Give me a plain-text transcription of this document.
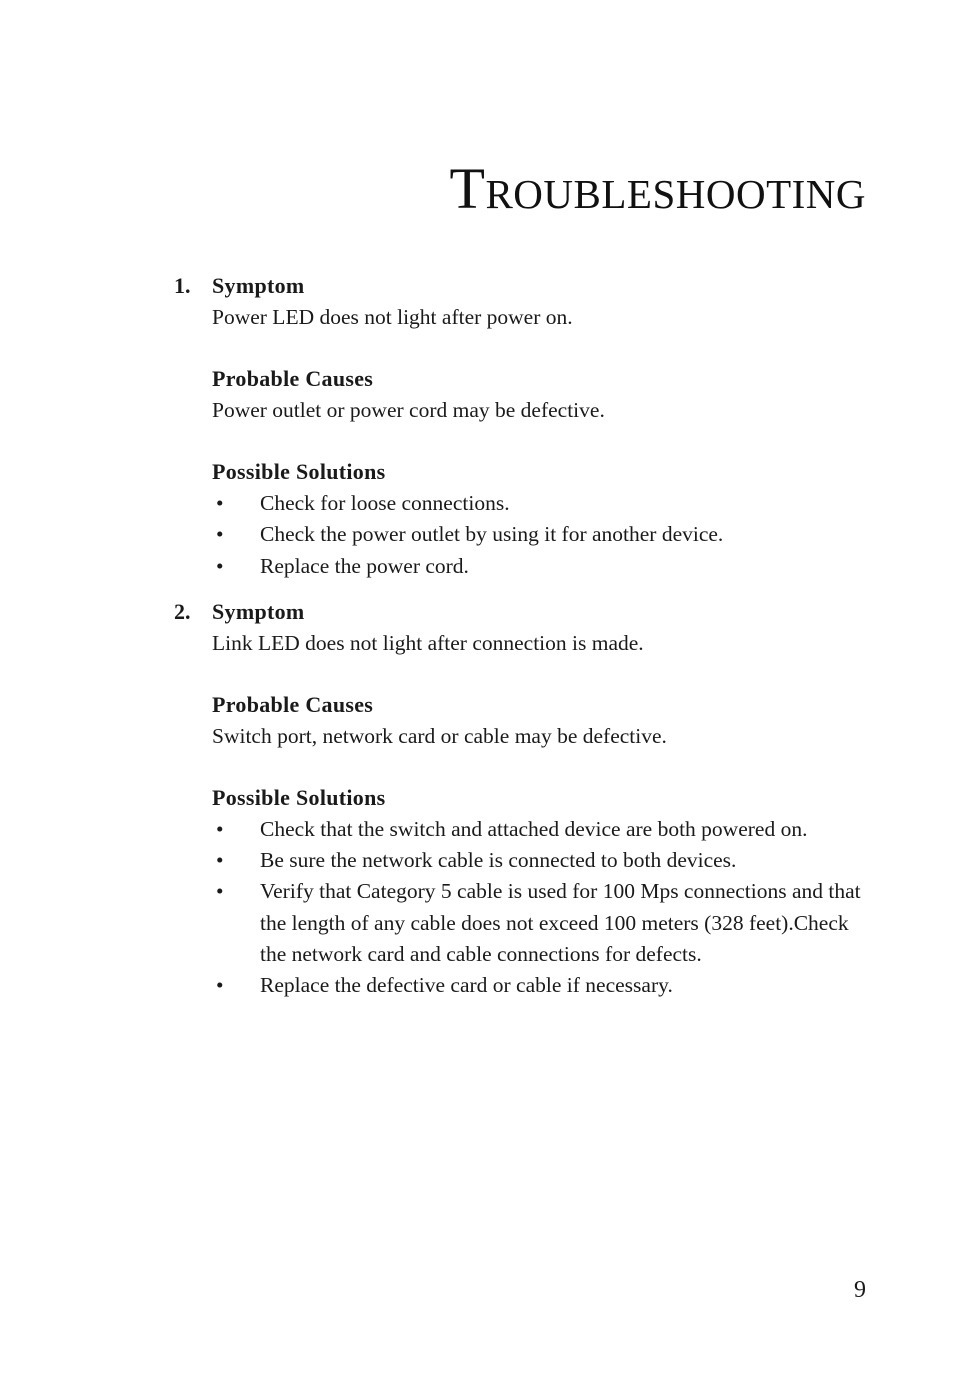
Troubleshooting
1. Symptom
Power LED does not light after power on.
Probable Causes
Power outlet or power cord may be defective.
Possible Solutions
• Check for loose connections.
• Check the power outlet by using it for another device.
• Replace the power cord.
2. Symptom
Link LED does not light after connection is made.
Probable Causes
Switch port, network card or cable may be defective.
Possible Solutions
• Check that the switch and attached device are both powered on.
• Be sure the network cable is connected to both devices.
• Verify that Category 5 cable is used for 100 Mps connections and that the length of any cable does not exceed 100 meters (328 feet).Check the network card and cable connections for defects.
• Replace the defective card or cable if necessary.
9
